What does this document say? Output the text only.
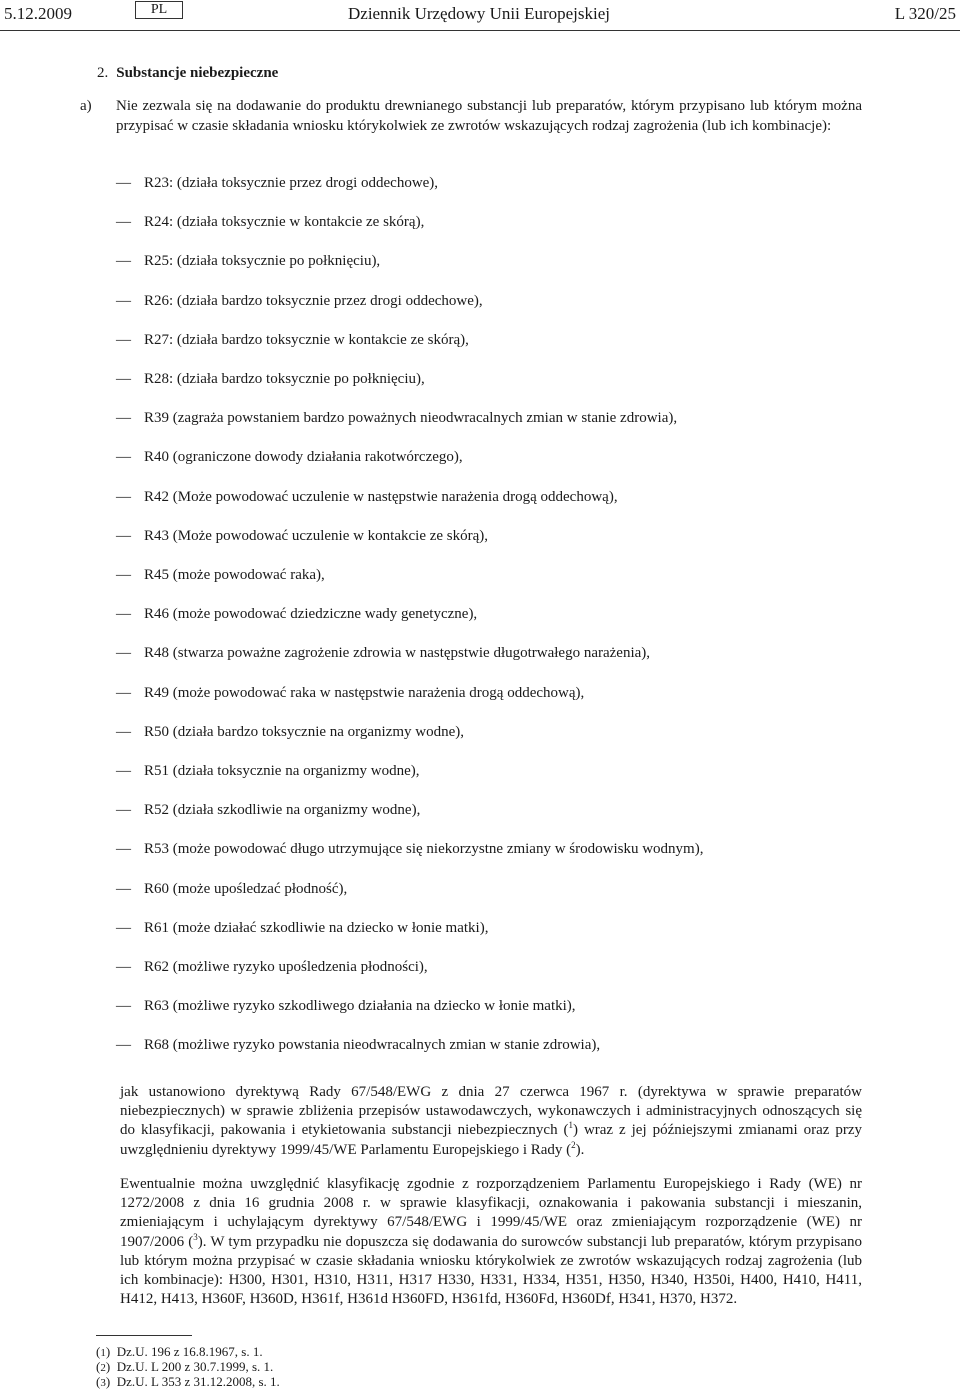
5.12.2009	PL	Dziennik Urzędowy Unii Europejskiej	L 320/25
2. Substancje niebezpieczne
a) Nie zezwala się na dodawanie do produktu drewnianego substancji lub preparatów, którym przypisano lub którym można przypisać w czasie składania wniosku którykolwiek ze zwrotów wskazujących rodzaj zagrożenia (lub ich kombinacje):
— R23: (działa toksycznie przez drogi oddechowe),
— R24: (działa toksycznie w kontakcie ze skórą),
— R25: (działa toksycznie po połknięciu),
— R26: (działa bardzo toksycznie przez drogi oddechowe),
— R27: (działa bardzo toksycznie w kontakcie ze skórą),
— R28: (działa bardzo toksycznie po połknięciu),
— R39 (zagraża powstaniem bardzo poważnych nieodwracalnych zmian w stanie zdrowia),
— R40 (ograniczone dowody działania rakotwórczego),
— R42 (Może powodować uczulenie w następstwie narażenia drogą oddechową),
— R43 (Może powodować uczulenie w kontakcie ze skórą),
— R45 (może powodować raka),
— R46 (może powodować dziedziczne wady genetyczne),
— R48 (stwarza poważne zagrożenie zdrowia w następstwie długotrwałego narażenia),
— R49 (może powodować raka w następstwie narażenia drogą oddechową),
— R50 (działa bardzo toksycznie na organizmy wodne),
— R51 (działa toksycznie na organizmy wodne),
— R52 (działa szkodliwie na organizmy wodne),
— R53 (może powodować długo utrzymujące się niekorzystne zmiany w środowisku wodnym),
— R60 (może upośledzać płodność),
— R61 (może działać szkodliwie na dziecko w łonie matki),
— R62 (możliwe ryzyko upośledzenia płodności),
— R63 (możliwe ryzyko szkodliwego działania na dziecko w łonie matki),
— R68 (możliwe ryzyko powstania nieodwracalnych zmian w stanie zdrowia),
jak ustanowiono dyrektywą Rady 67/548/EWG z dnia 27 czerwca 1967 r. (dyrektywa w sprawie preparatów niebezpiecznych) w sprawie zbliżenia przepisów ustawodawczych, wykonawczych i administracyjnych odnoszących się do klasyfikacji, pakowania i etykietowania substancji niebezpiecznych ($^1$) wraz z jej późniejszymi zmianami oraz przy uwzględnieniu dyrektywy 1999/45/WE Parlamentu Europejskiego i Rady ($^2$).
Ewentualnie można uwzględnić klasyfikację zgodnie z rozporządzeniem Parlamentu Europejskiego i Rady (WE) nr 1272/2008 z dnia 16 grudnia 2008 r. w sprawie klasyfikacji, oznakowania i pakowania substancji i mieszanin, zmieniającym i uchylającym dyrektywy 67/548/EWG i 1999/45/WE oraz zmieniającym rozporządzenie (WE) nr 1907/2006 ($^3$). W tym przypadku nie dopuszcza się dodawania do surowców substancji lub preparatów, którym przypisano lub którym można przypisać w czasie składania wniosku którykolwiek ze zwrotów wskazujących rodzaj zagrożenia (lub ich kombinacje): H300, H301, H310, H311, H317 H330, H331, H334, H351, H350, H340, H350i, H400, H410, H411, H412, H413, H360F, H360D, H361f, H361d H360FD, H361fd, H360Fd, H360Df, H341, H370, H372.
(1)  Dz.U. 196 z 16.8.1967, s. 1.
(2)  Dz.U. L 200 z 30.7.1999, s. 1.
(3)  Dz.U. L 353 z 31.12.2008, s. 1.
